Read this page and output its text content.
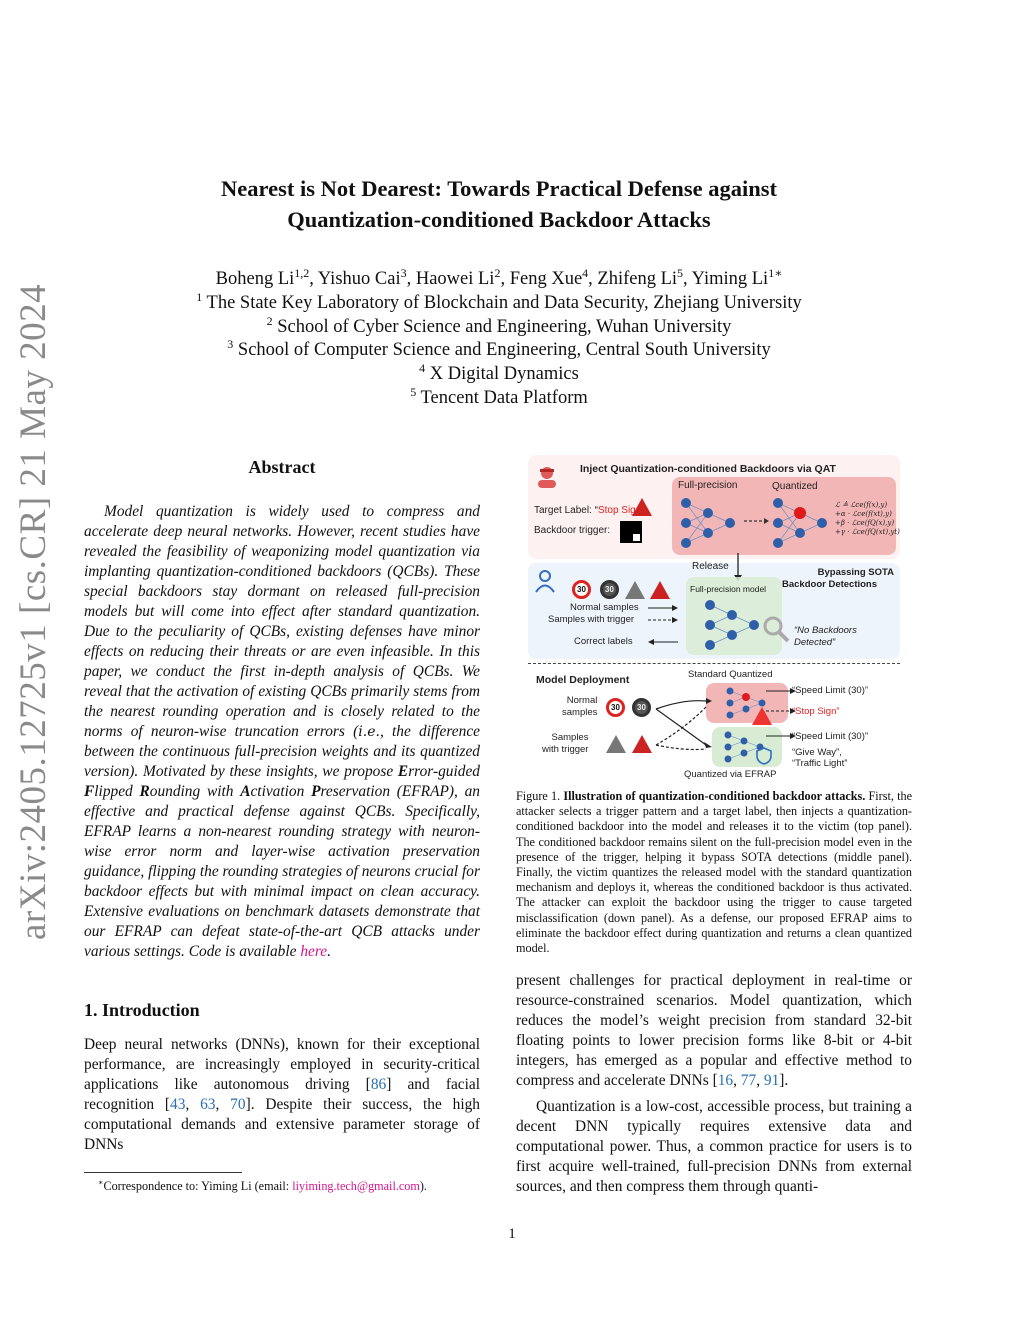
arXiv:2405.12725v1 [cs.CR] 21 May 2024
Nearest is Not Dearest: Towards Practical Defense against
Quantization-conditioned Backdoor Attacks
Boheng Li$^{1,2}$, Yishuo Cai$^3$, Haowei Li$^2$, Feng Xue$^4$, Zhifeng Li$^5$, Yiming $Li^{1∗}$
$^1$ The State Key Laboratory of Blockchain and Data Security, Zhejiang University
$^2$ School of Cyber Science and Engineering, Wuhan University
$^3$ School of Computer Science and Engineering, Central South University
$^4$ X Digital Dynamics
$^5$ Tencent Data Platform
Abstract
Model quantization is widely used to compress and accelerate deep neural networks. However, recent studies have revealed the feasibility of weaponizing model quantization via implanting quantization-conditioned backdoors (QCBs). These special backdoors stay dormant on released full-precision models but will come into effect after standard quantization. Due to the peculiarity of QCBs, existing defenses have minor effects on reducing their threats or are even infeasible. In this paper, we conduct the first in-depth analysis of QCBs. We reveal that the activation of existing QCBs primarily stems from the nearest rounding operation and is closely related to the norms of neuron-wise truncation errors (i.e., the difference between the continuous full-precision weights and its quantized version). Motivated by these insights, we propose Error-guided Flipped Rounding with Activation Preservation (EFRAP), an effective and practical defense against QCBs. Specifically, EFRAP learns a non-nearest rounding strategy with neuron-wise error norm and layer-wise activation preservation guidance, flipping the rounding strategies of neurons crucial for backdoor effects but with minimal impact on clean accuracy. Extensive evaluations on benchmark datasets demonstrate that our EFRAP can defeat state-of-the-art QCB attacks under various settings. Code is available here.
1. Introduction
Deep neural networks (DNNs), known for their exceptional performance, are increasingly employed in security-critical applications like autonomous driving [86] and facial recognition [43, 63, 70]. Despite their success, the high computational demands and extensive parameter storage of DNNs
∗Correspondence to: Yiming Li (email: liyiming.tech@gmail.com).
Inject Quantization-conditioned Backdoors via QAT
Target Label: “Stop Sign”
Backdoor trigger:
Full-precision	Quantized
ℒ ≜ ℒce(f(x),y)
+α · ℒce(f(xt),y)
+β · ℒce(fQ(x),y)
+γ · ℒce(fQ(xt),yt)
Release
30	30
Normal samples
Samples with trigger
Correct labels
Full-precision model
Bypassing SOTA
Backdoor Detections
“No Backdoors
Detected”
Model Deployment	Standard Quantized
Normal
samples	30	30
Samples
with trigger
“Speed Limit (30)”
“Stop Sign”
“Speed Limit (30)”
“Give Way”,
“Traffic Light”
Quantized via EFRAP
Figure 1. Illustration of quantization-conditioned backdoor attacks. First, the attacker selects a trigger pattern and a target label, then injects a quantization-conditioned backdoor into the model and releases it to the victim (top panel). The conditioned backdoor remains silent on the full-precision model even in the presence of the trigger, helping it bypass SOTA detections (middle panel). Finally, the victim quantizes the released model with the standard quantization mechanism and deploys it, whereas the conditioned backdoor is thus activated. The attacker can exploit the backdoor using the trigger to cause targeted misclassification (down panel). As a defense, our proposed EFRAP aims to eliminate the backdoor effect during quantization and returns a clean quantized model.
present challenges for practical deployment in real-time or resource-constrained scenarios. Model quantization, which reduces the model’s weight precision from standard 32-bit floating points to lower precision forms like 8-bit or 4-bit integers, has emerged as a popular and effective method to compress and accelerate DNNs [16, 77, 91].
Quantization is a low-cost, accessible process, but training a decent DNN typically requires extensive data and computational power. Thus, a common practice for users is to first acquire well-trained, full-precision DNNs from external sources, and then compress them through quanti-
1
